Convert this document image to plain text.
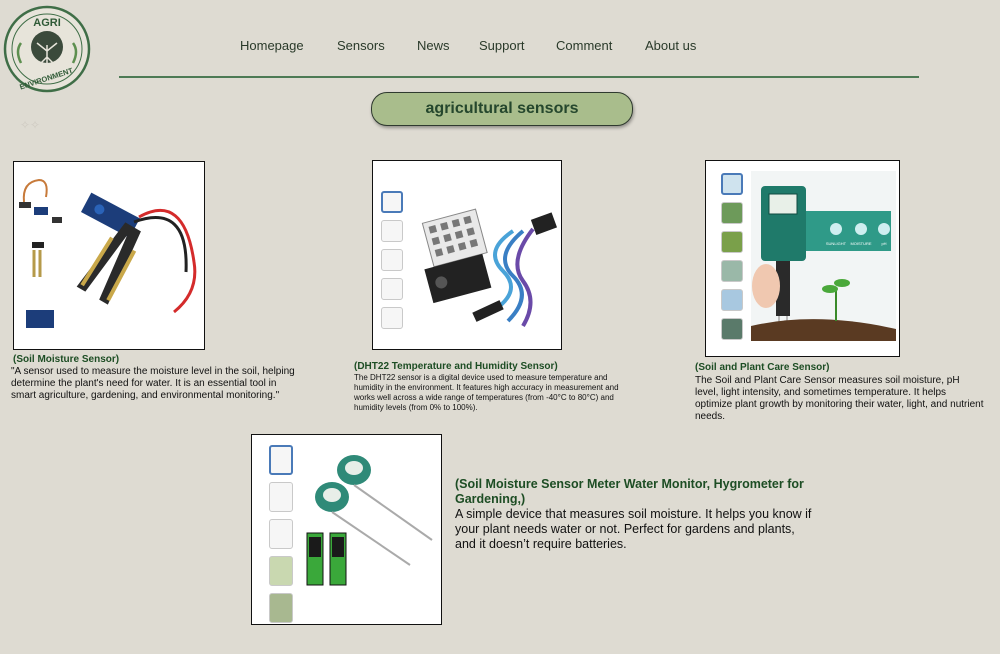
AGRI
ENVIRONMENT
Homepage	Sensors News Support Comment	About us
agricultural sensors
✧✧
(Soil Moisture Sensor)
"A sensor used to measure the moisture level in the soil, helping determine the plant's need for water. It is an essential tool in smart agriculture, gardening, and environmental monitoring."
(DHT22 Temperature and Humidity Sensor)
The DHT22 sensor is a digital device used to measure temperature and humidity in the environment. It features high accuracy in measurement and works well across a wide range of temperatures (from -40°C to 80°C) and humidity levels (from 0% to 100%).
SUNLIGHT MOISTURE pH
(Soil and Plant Care Sensor)
The Soil and Plant Care Sensor measures soil moisture, pH level, light intensity, and sometimes temperature. It helps optimize plant growth by monitoring their water, light, and nutrient needs.
(Soil Moisture Sensor Meter Water Monitor, Hygrometer for Gardening,)
A simple device that measures soil moisture. It helps you know if your plant needs water or not. Perfect for gardens and plants, and it doesn’t require batteries.
